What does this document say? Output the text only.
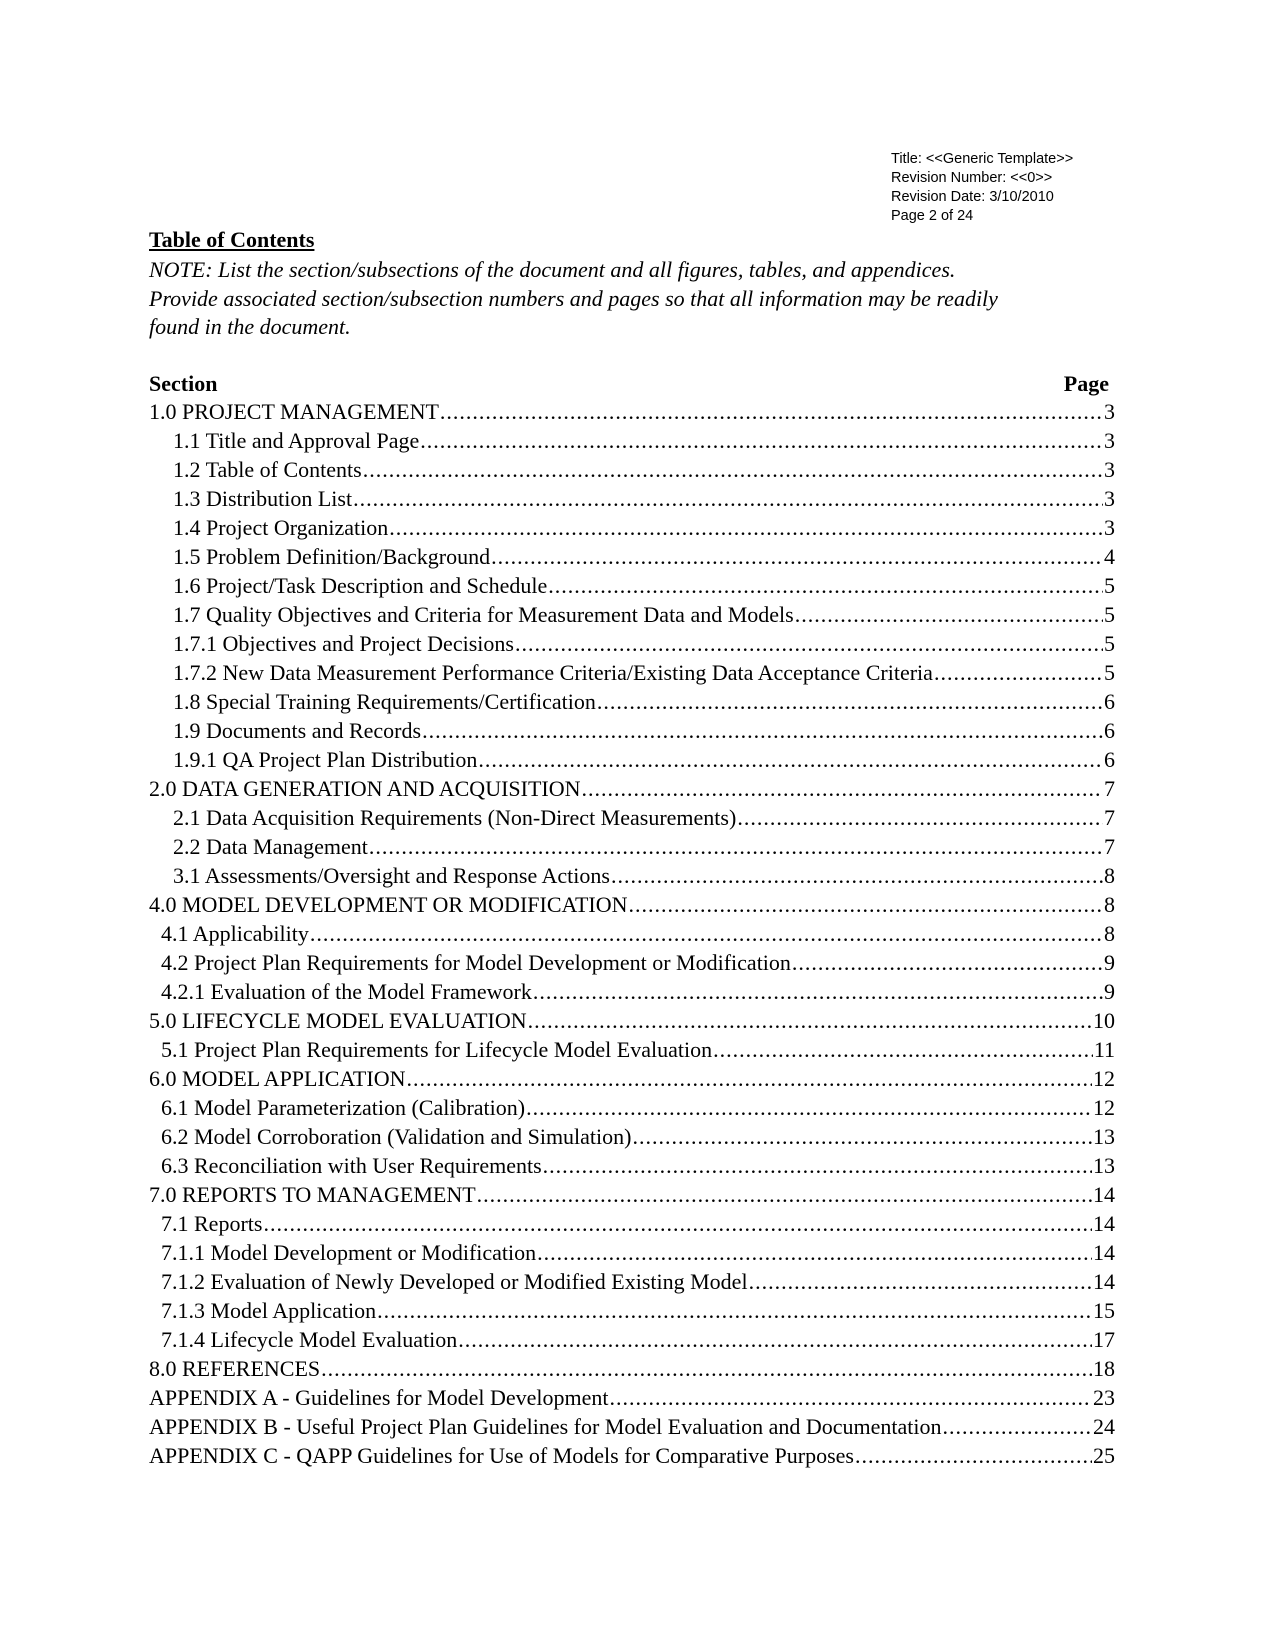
Title: <<Generic Template>>
Revision Number: <<0>>
Revision Date: 3/10/2010
Page 2 of 24
Table of Contents
NOTE: List the section/subsections of the document and all figures, tables, and appendices.
Provide associated section/subsection numbers and pages so that all information may be readily
found in the document.
Section	Page
1.0 PROJECT MANAGEMENT .....	3
1.1 Title and Approval Page .....	3
1.2 Table of Contents .....	3
1.3 Distribution List .....	3
1.4 Project Organization .....	3
1.5 Problem Definition/Background .....	4
1.6 Project/Task Description and Schedule .....	5
1.7 Quality Objectives and Criteria for Measurement Data and Models .....	5
1.7.1 Objectives and Project Decisions .....	5
1.7.2 New Data Measurement Performance Criteria/Existing Data Acceptance Criteria .....	5
1.8 Special Training Requirements/Certification .....	6
1.9 Documents and Records .....	6
1.9.1 QA Project Plan Distribution .....	6
2.0 DATA GENERATION AND ACQUISITION .....	7
2.1 Data Acquisition Requirements (Non-Direct Measurements) .....	7
2.2 Data Management .....	7
3.1 Assessments/Oversight and Response Actions .....	8
4.0 MODEL DEVELOPMENT OR MODIFICATION .....	8
4.1 Applicability .....	8
4.2 Project Plan Requirements for Model Development or Modification .....	9
4.2.1 Evaluation of the Model Framework .....	9
5.0 LIFECYCLE MODEL EVALUATION .....	10
5.1 Project Plan Requirements for Lifecycle Model Evaluation .....	11
6.0 MODEL APPLICATION .....	12
6.1 Model Parameterization (Calibration) .....	12
6.2 Model Corroboration (Validation and Simulation) .....	13
6.3 Reconciliation with User Requirements .....	13
7.0 REPORTS TO MANAGEMENT .....	14
7.1 Reports .....	14
7.1.1 Model Development or Modification .....	14
7.1.2 Evaluation of Newly Developed or Modified Existing Model .....	14
7.1.3 Model Application .....	15
7.1.4 Lifecycle Model Evaluation .....	17
8.0 REFERENCES .....	18
APPENDIX A - Guidelines for Model Development .....	23
APPENDIX B - Useful Project Plan Guidelines for Model Evaluation and Documentation .....	24
APPENDIX C - QAPP Guidelines for Use of Models for Comparative Purposes .....	25
